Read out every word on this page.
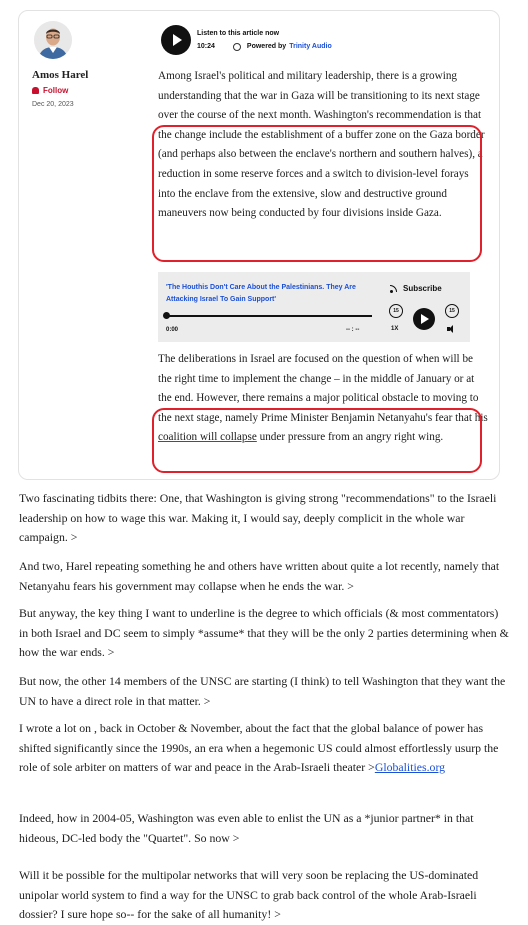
Amos Harel
Follow
Dec 20, 2023
Listen to this article now
10:24	Powered by Trinity Audio
Among Israel's political and military leadership, there is a growing understanding that the war in Gaza will be transitioning to its next stage over the course of the next month. Washington's recommendation is that the change include the establishment of a buffer zone on the Gaza border (and perhaps also between the enclave's northern and southern halves), a reduction in some reserve forces and a switch to division-level forays into the enclave from the extensive, slow and destructive ground maneuvers now being conducted by four divisions inside Gaza.
'The Houthis Don't Care About the Palestinians. They Are Attacking Israel To Gain Support'
Subscribe
0:00	-- : --
15	15
1X
The deliberations in Israel are focused on the question of when will be the right time to implement the change – in the middle of January or at the end. However, there remains a major political obstacle to moving to the next stage, namely Prime Minister Benjamin Netanyahu's fear that his coalition will collapse under pressure from an angry right wing.
Two fascinating tidbits there: One, that Washington is giving strong "recommendations" to the Israeli leadership on how to wage this war. Making it, I would say, deeply complicit in the whole war campaign. >
And two, Harel repeating something he and others have written about quite a lot recently, namely that Netanyahu fears his government may collapse when he ends the war. >
But anyway, the key thing I want to underline is the degree to which officials (& most commentators) in both Israel and DC seem to simply *assume* that they will be the only 2 parties determining when & how the war ends. >
But now, the other 14 members of the UNSC are starting (I think) to tell Washington that they want the UN to have a direct role in that matter. >
I wrote a lot on , back in October & November, about the fact that the global balance of power has shifted significantly since the 1990s, an era when a hegemonic US could almost effortlessly usurp the role of sole arbiter on matters of war and peace in the Arab-Israeli theater >Globalities.org
Indeed, how in 2004-05, Washington was even able to enlist the UN as a *junior partner* in that hideous, DC-led body the "Quartet". So now >
Will it be possible for the multipolar networks that will very soon be replacing the US-dominated unipolar world system to find a way for the UNSC to grab back control of the whole Arab-Israeli dossier? I sure hope so-- for the sake of all humanity! >
